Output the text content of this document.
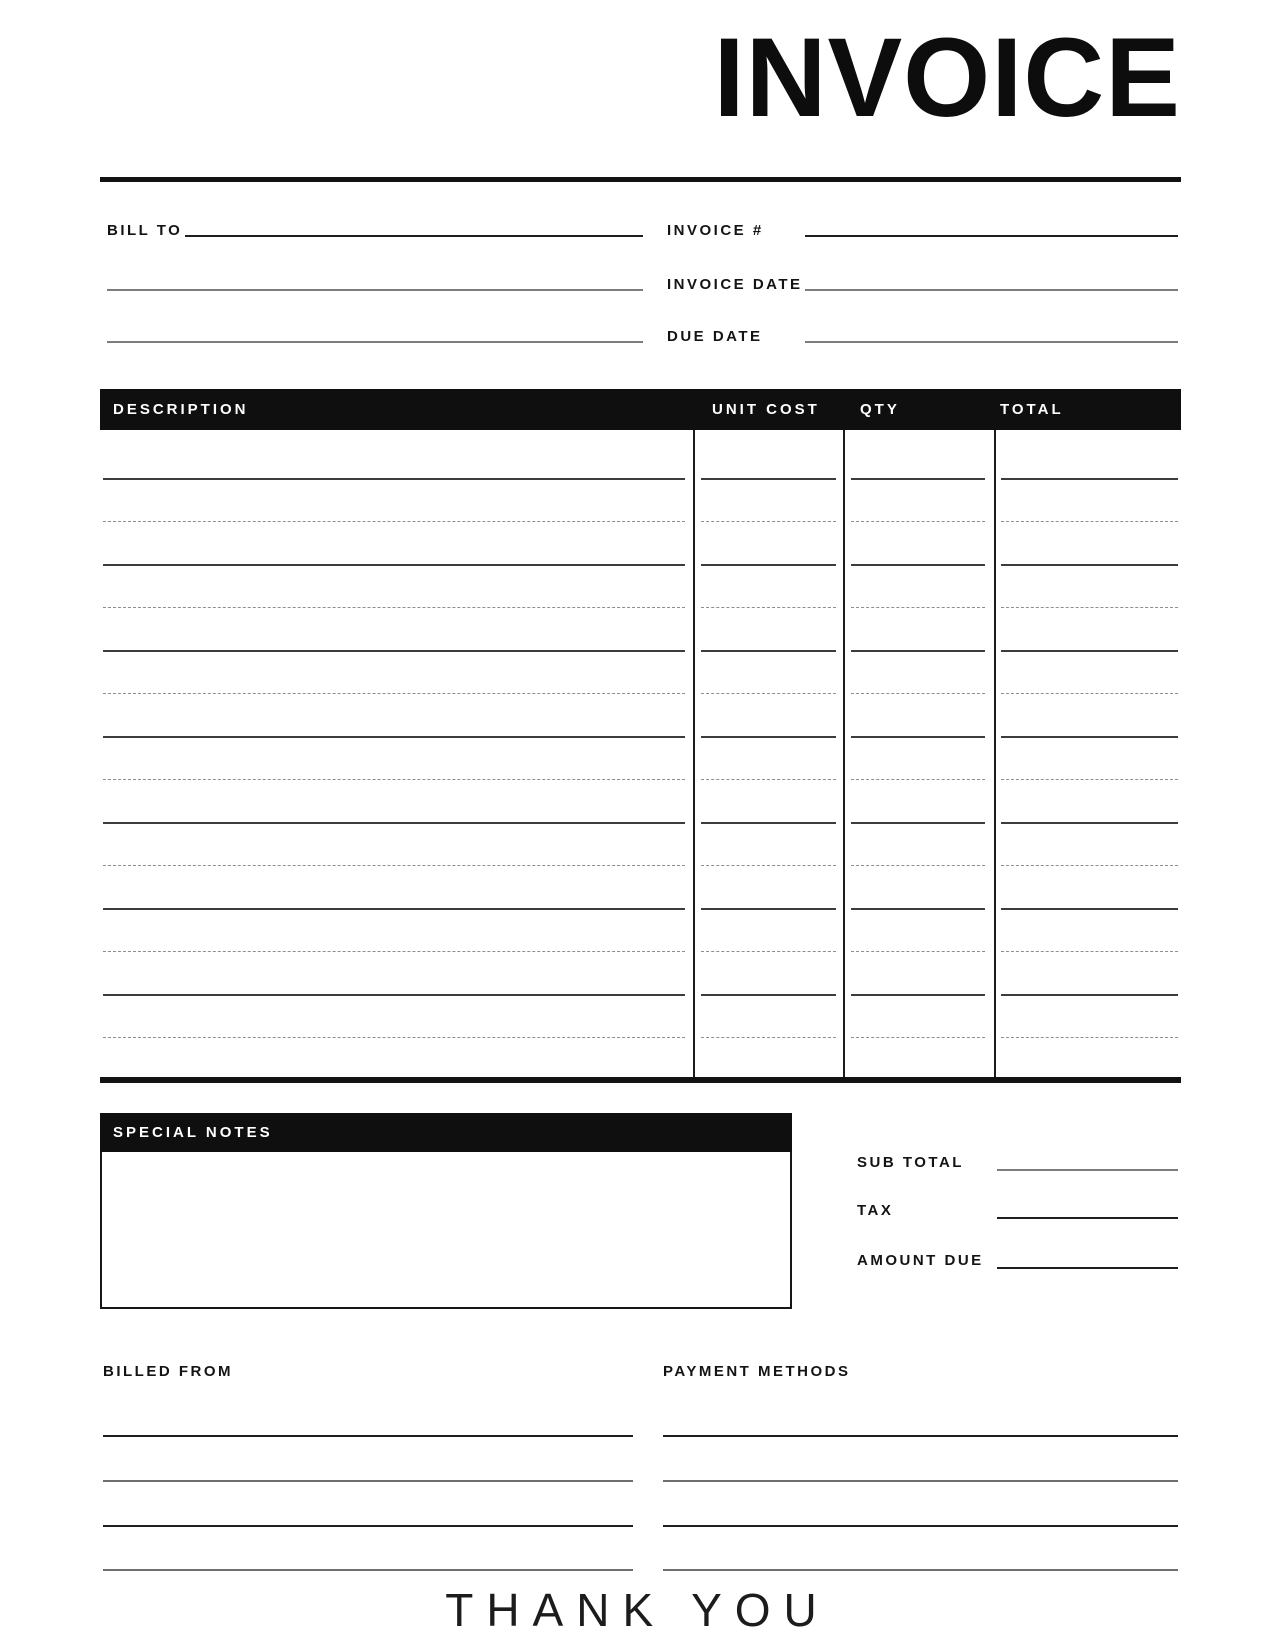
INVOICE
BILL TO	INVOICE #
INVOICE DATE
DUE DATE
DESCRIPTION	UNIT COST	QTY	TOTAL
SPECIAL NOTES
SUB TOTAL
TAX
AMOUNT DUE
BILLED FROM	PAYMENT METHODS
THANK YOU
